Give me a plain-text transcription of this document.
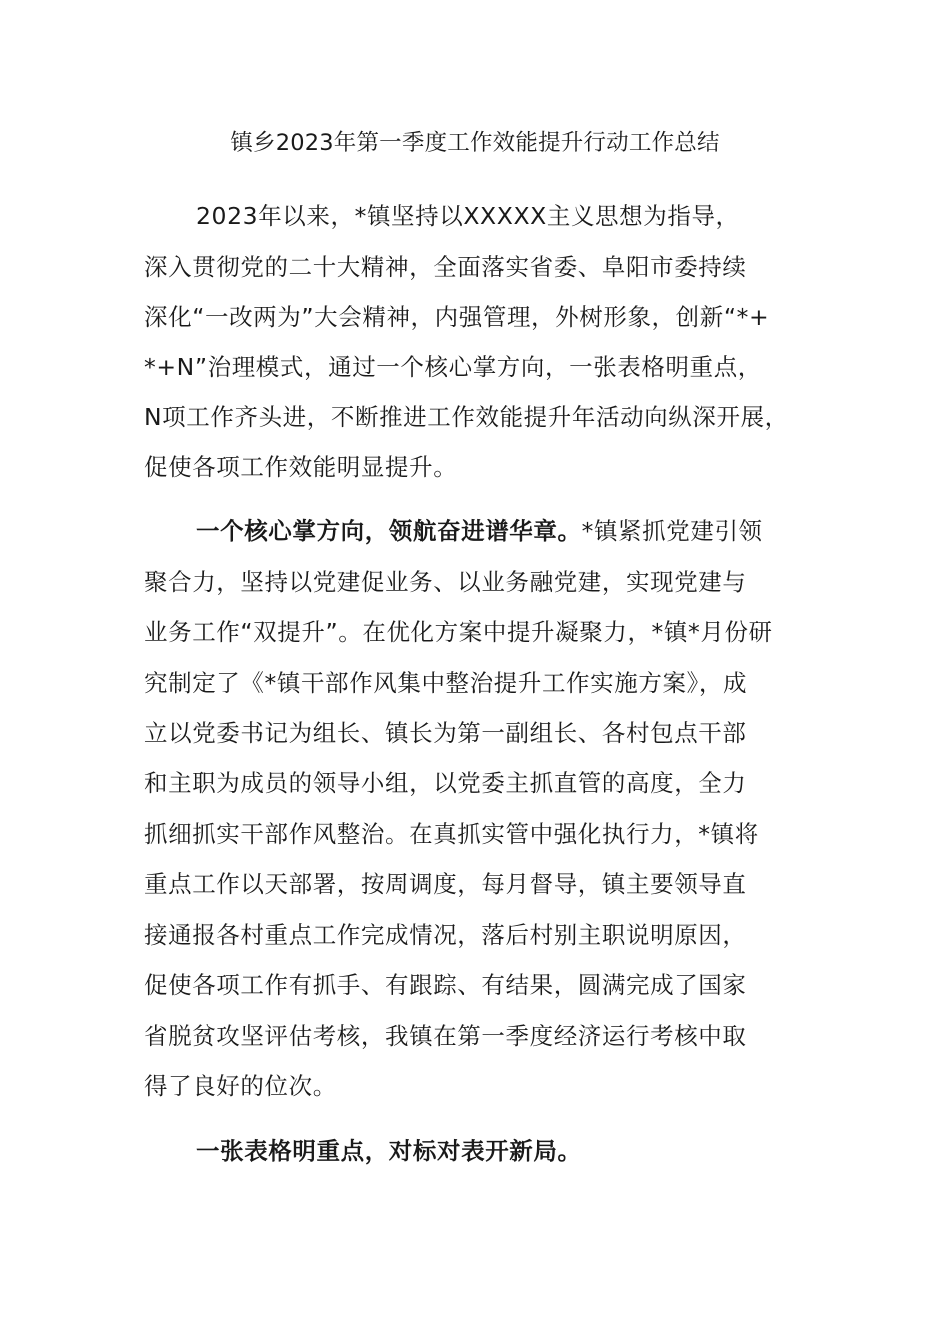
镇乡2023年第一季度工作效能提升行动工作总结
2023年以来，*镇坚持以XXXXX主义思想为指导，
深入贯彻党的二十大精神，全面落实省委、阜阳市委持续
深化“一改两为”大会精神，内强管理，外树形象，创新“*+
*+N”治理模式，通过一个核心掌方向，一张表格明重点，
N项工作齐头进，不断推进工作效能提升年活动向纵深开展，
促使各项工作效能明显提升。
一个核心掌方向，领航奋进谱华章。*镇紧抓党建引领
聚合力，坚持以党建促业务、以业务融党建，实现党建与
业务工作“双提升”。在优化方案中提升凝聚力，*镇*月份研
究制定了《*镇干部作风集中整治提升工作实施方案》，成
立以党委书记为组长、镇长为第一副组长、各村包点干部
和主职为成员的领导小组，以党委主抓直管的高度，全力
抓细抓实干部作风整治。在真抓实管中强化执行力，*镇将
重点工作以天部署，按周调度，每月督导，镇主要领导直
接通报各村重点工作完成情况，落后村别主职说明原因，
促使各项工作有抓手、有跟踪、有结果，圆满完成了国家
省脱贫攻坚评估考核，我镇在第一季度经济运行考核中取
得了良好的位次。
一张表格明重点，对标对表开新局。
